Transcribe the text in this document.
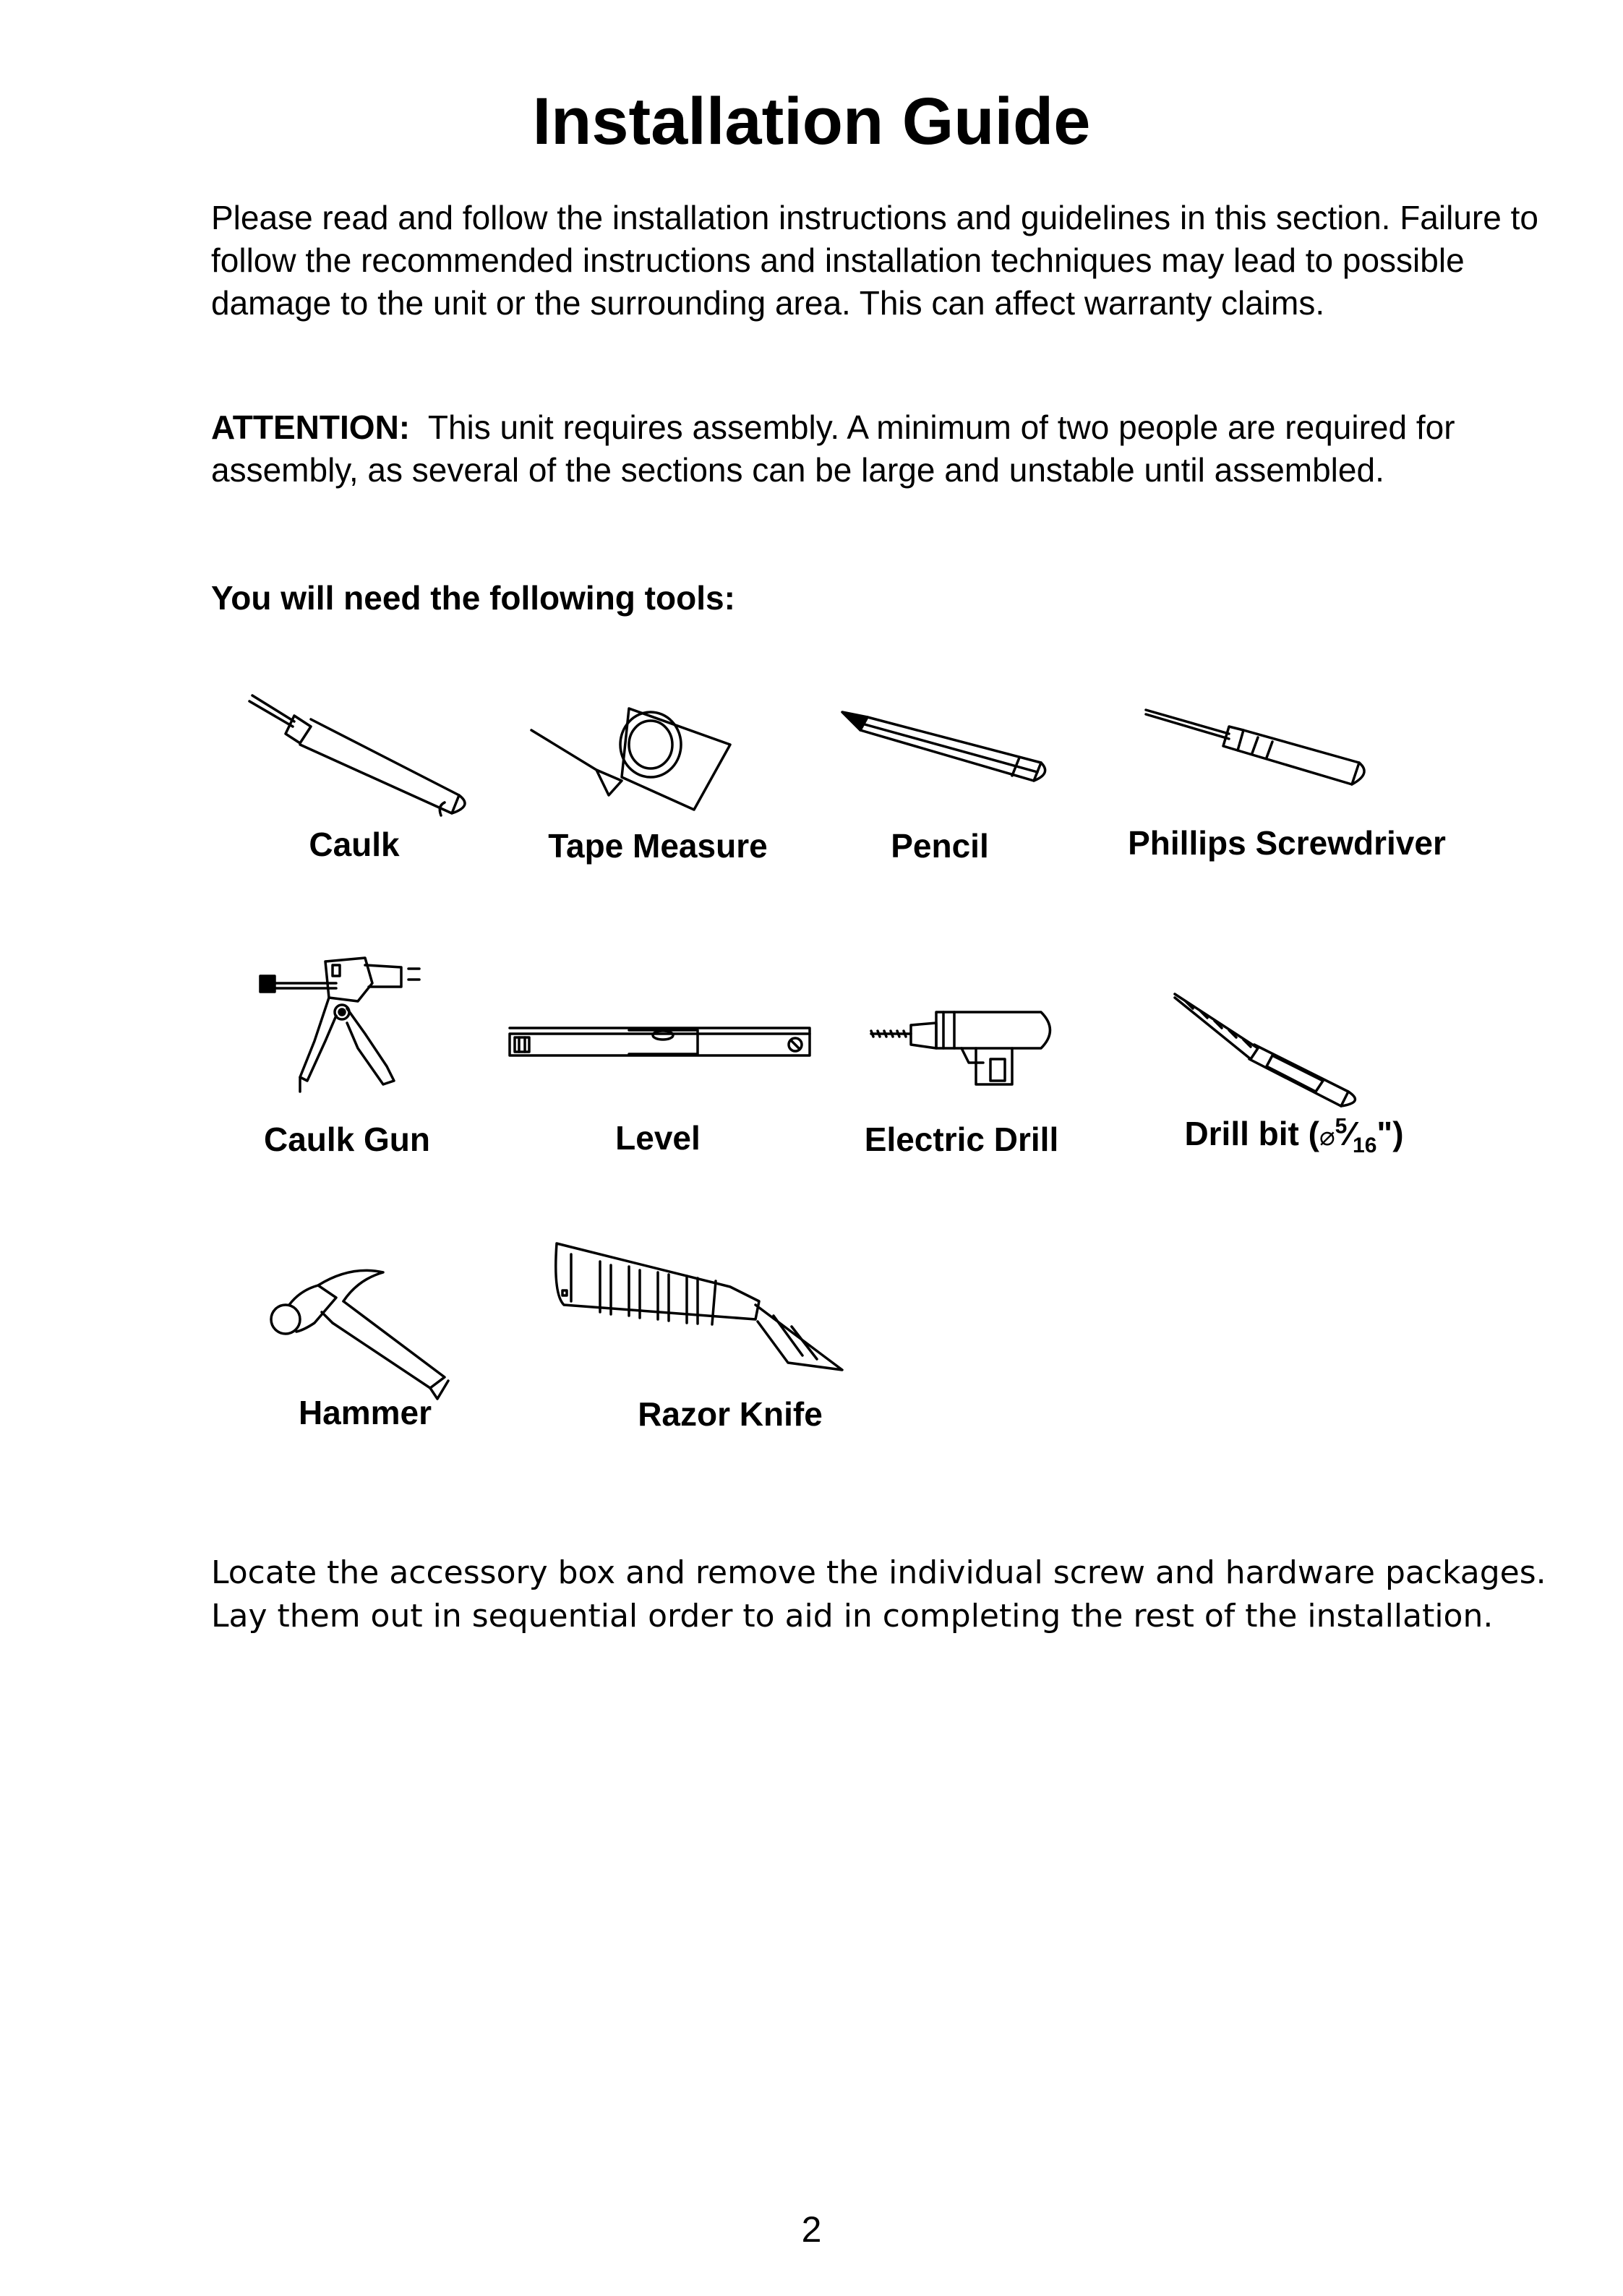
Installation Guide

Please read and follow the installation instructions and guidelines in this section. Failure to follow the recommended instructions and installation techniques may lead to possible damage to the unit or the surrounding area. This can affect warranty claims.

ATTENTION: This unit requires assembly. A minimum of two people are required for assembly, as several of the sections can be large and unstable until assembled.

You will need the following tools:

Caulk	Tape Measure	Pencil	Phillips Screwdriver
Caulk Gun	Level	Electric Drill	Drill bit $(⌀^5⁄_{16}")$
Hammer	Razor Knife

Locate the accessory box and remove the individual screw and hardware packages. Lay them out in sequential order to aid in completing the rest of the installation.

2
